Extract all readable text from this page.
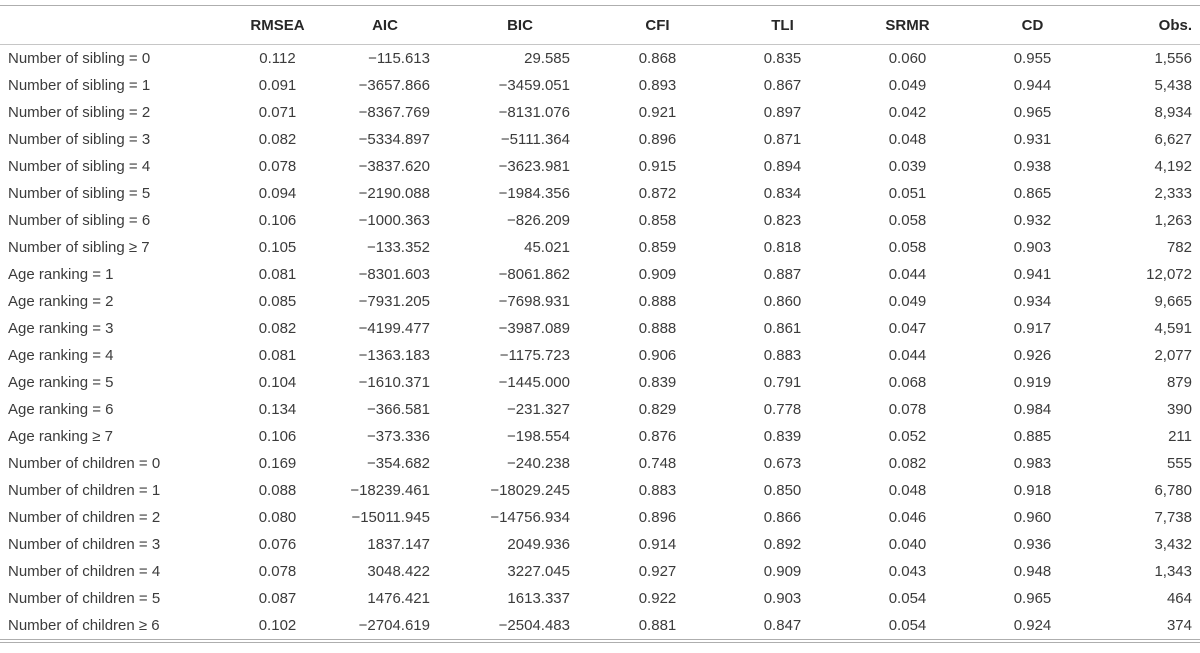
	RMSEA	AIC	BIC	CFI	TLI	SRMR	CD	Obs.
Number of sibling = 0	0.112	−115.613	29.585	0.868	0.835	0.060	0.955	1,556
Number of sibling = 1	0.091	−3657.866	−3459.051	0.893	0.867	0.049	0.944	5,438
Number of sibling = 2	0.071	−8367.769	−8131.076	0.921	0.897	0.042	0.965	8,934
Number of sibling = 3	0.082	−5334.897	−5111.364	0.896	0.871	0.048	0.931	6,627
Number of sibling = 4	0.078	−3837.620	−3623.981	0.915	0.894	0.039	0.938	4,192
Number of sibling = 5	0.094	−2190.088	−1984.356	0.872	0.834	0.051	0.865	2,333
Number of sibling = 6	0.106	−1000.363	−826.209	0.858	0.823	0.058	0.932	1,263
Number of sibling ≥ 7	0.105	−133.352	45.021	0.859	0.818	0.058	0.903	782
Age ranking = 1	0.081	−8301.603	−8061.862	0.909	0.887	0.044	0.941	12,072
Age ranking = 2	0.085	−7931.205	−7698.931	0.888	0.860	0.049	0.934	9,665
Age ranking = 3	0.082	−4199.477	−3987.089	0.888	0.861	0.047	0.917	4,591
Age ranking = 4	0.081	−1363.183	−1175.723	0.906	0.883	0.044	0.926	2,077
Age ranking = 5	0.104	−1610.371	−1445.000	0.839	0.791	0.068	0.919	879
Age ranking = 6	0.134	−366.581	−231.327	0.829	0.778	0.078	0.984	390
Age ranking ≥ 7	0.106	−373.336	−198.554	0.876	0.839	0.052	0.885	211
Number of children = 0	0.169	−354.682	−240.238	0.748	0.673	0.082	0.983	555
Number of children = 1	0.088	−18239.461	−18029.245	0.883	0.850	0.048	0.918	6,780
Number of children = 2	0.080	−15011.945	−14756.934	0.896	0.866	0.046	0.960	7,738
Number of children = 3	0.076	1837.147	2049.936	0.914	0.892	0.040	0.936	3,432
Number of children = 4	0.078	3048.422	3227.045	0.927	0.909	0.043	0.948	1,343
Number of children = 5	0.087	1476.421	1613.337	0.922	0.903	0.054	0.965	464
Number of children ≥ 6	0.102	−2704.619	−2504.483	0.881	0.847	0.054	0.924	374
